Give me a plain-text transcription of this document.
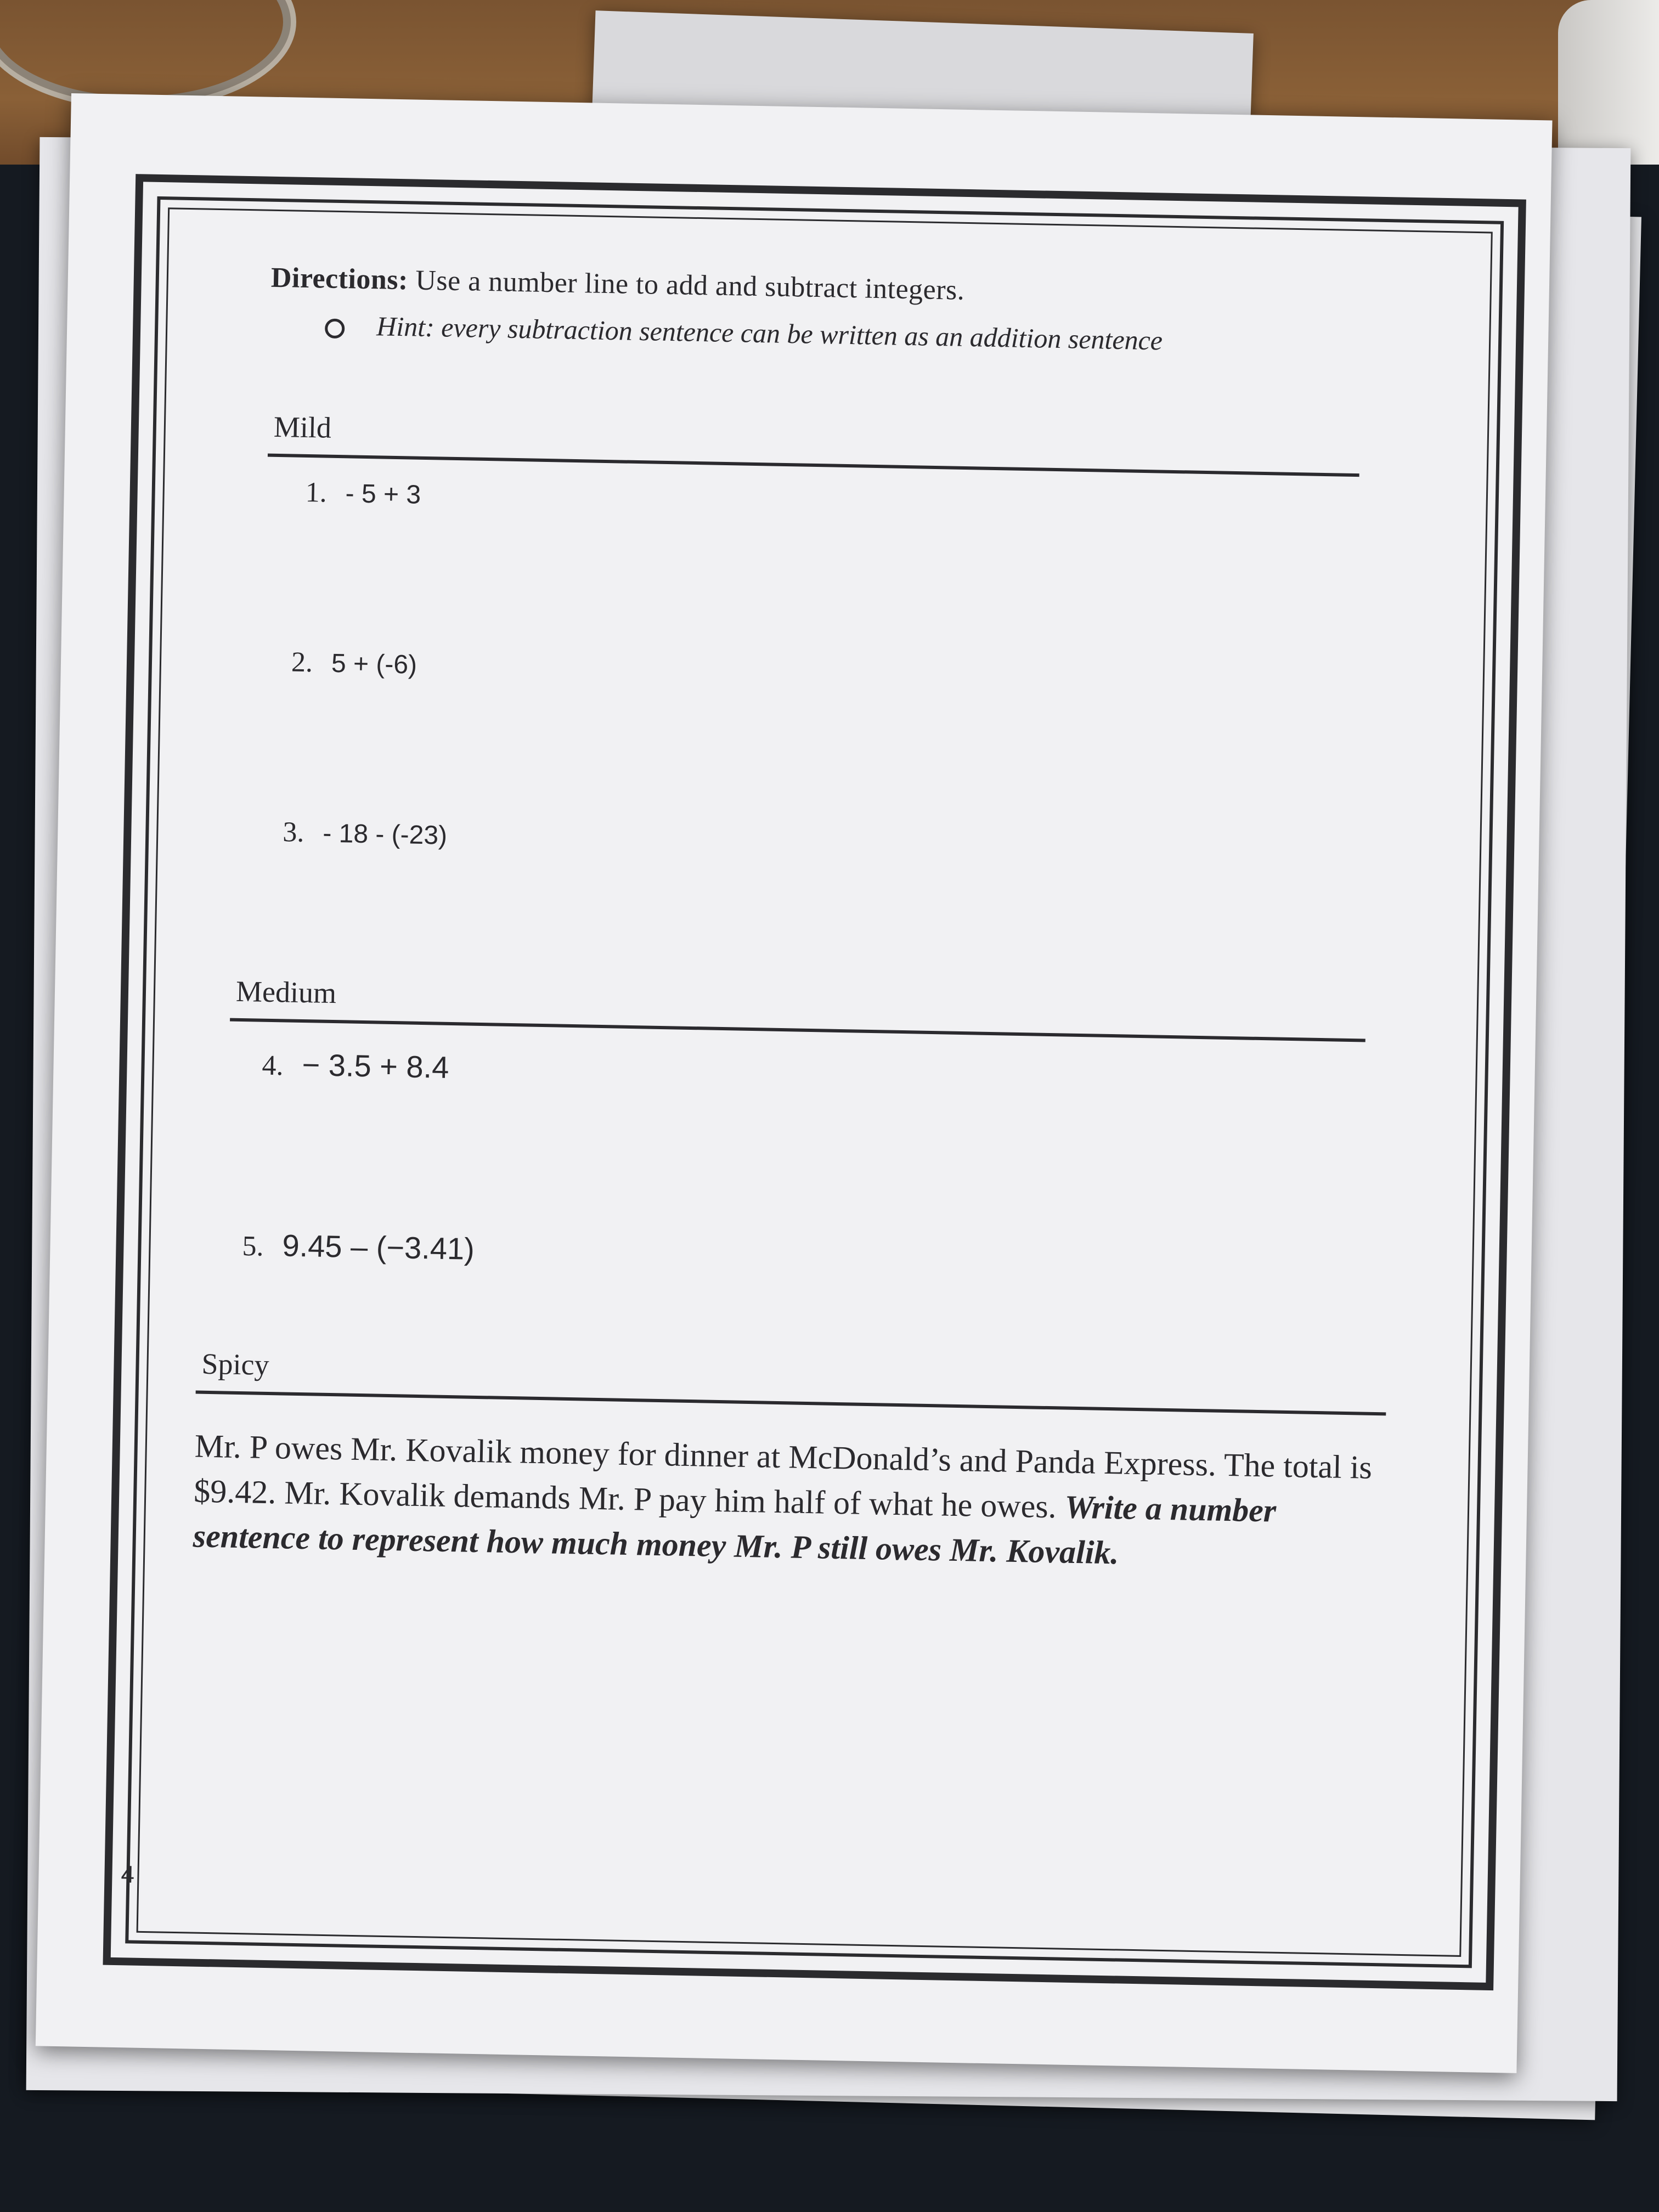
Directions: Use a number line to add and subtract integers.
Hint: every subtraction sentence can be written as an addition sentence
Mild
1. - 5 + 3
2. 5 + (-6)
3. - 18 - (-23)
Medium
4. − 3.5 + 8.4
5. 9.45 – (−3.41)
Spicy
Mr. P owes Mr. Kovalik money for dinner at McDonald’s and Panda Express. The total is $9.42. Mr. Kovalik demands Mr. P pay him half of what he owes. Write a number sentence to represent how much money Mr. P still owes Mr. Kovalik.
4
